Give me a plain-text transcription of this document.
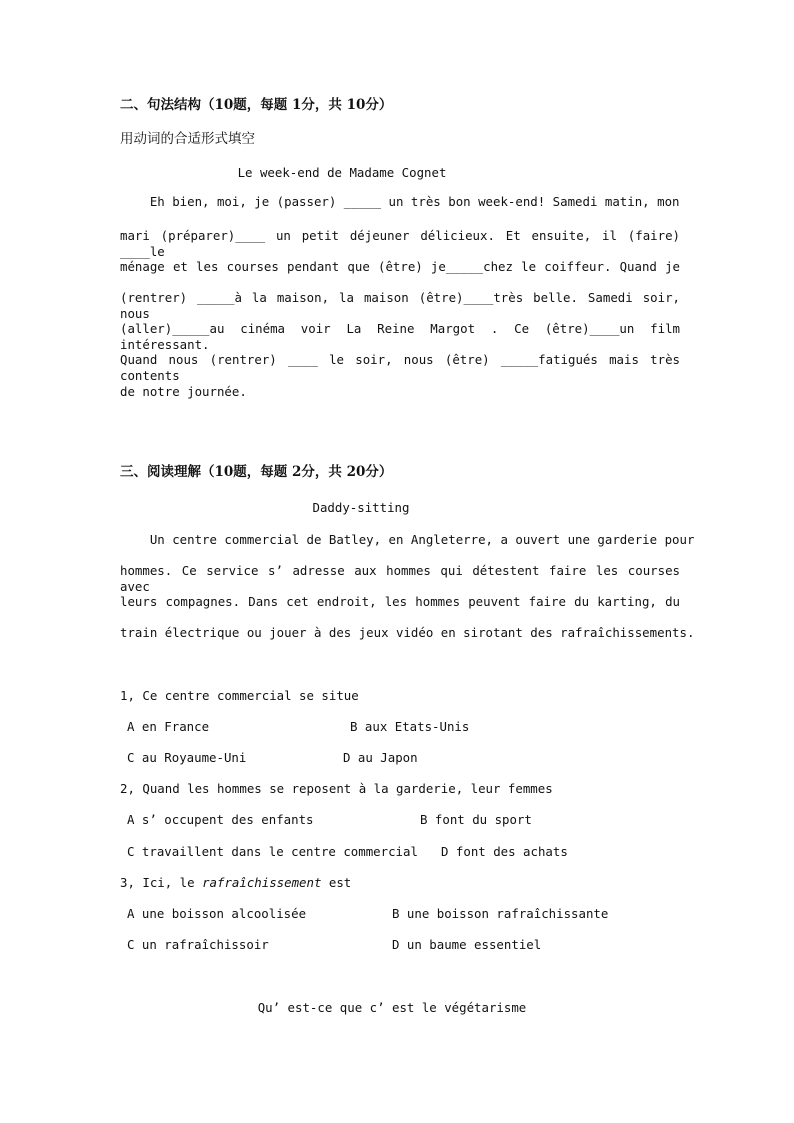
二、句法结构（10题，每题 1分，共 10分）
用动词的合适形式填空
Le week-end de Madame Cognet
Eh bien, moi, je (passer) _____ un très bon week-end! Samedi matin, mon
mari (préparer)____ un petit déjeuner délicieux. Et ensuite, il (faire) ____le
ménage et les courses pendant que (être) je_____chez le coiffeur. Quand je
(rentrer) _____à la maison, la maison (être)____très belle. Samedi soir, nous
(aller)_____au cinéma voir La Reine Margot . Ce (être)____un film intéressant.
Quand nous (rentrer) ____ le soir, nous (être) _____fatigués mais très contents
de notre journée.
三、阅读理解（10题，每题 2分，共 20分）
Daddy-sitting
Un centre commercial de Batley, en Angleterre, a ouvert une garderie pour
hommes. Ce service s’ adresse aux hommes qui détestent faire les courses avec
leurs compagnes. Dans cet endroit, les hommes peuvent faire du karting, du
train électrique ou jouer à des jeux vidéo en sirotant des rafraîchissements.
1, Ce centre commercial se situe
A en France	B aux Etats-Unis
C au Royaume-Uni	D au Japon
2, Quand les hommes se reposent à la garderie, leur femmes
A s’ occupent des enfants	B font du sport
C travaillent dans le centre commercial D font des achats
3, Ici, le rafraîchissement est
A une boisson alcoolisée	B une boisson rafraîchissante
C un rafraîchissoir	D un baume essentiel
Qu’ est-ce que c’ est le végétarisme
